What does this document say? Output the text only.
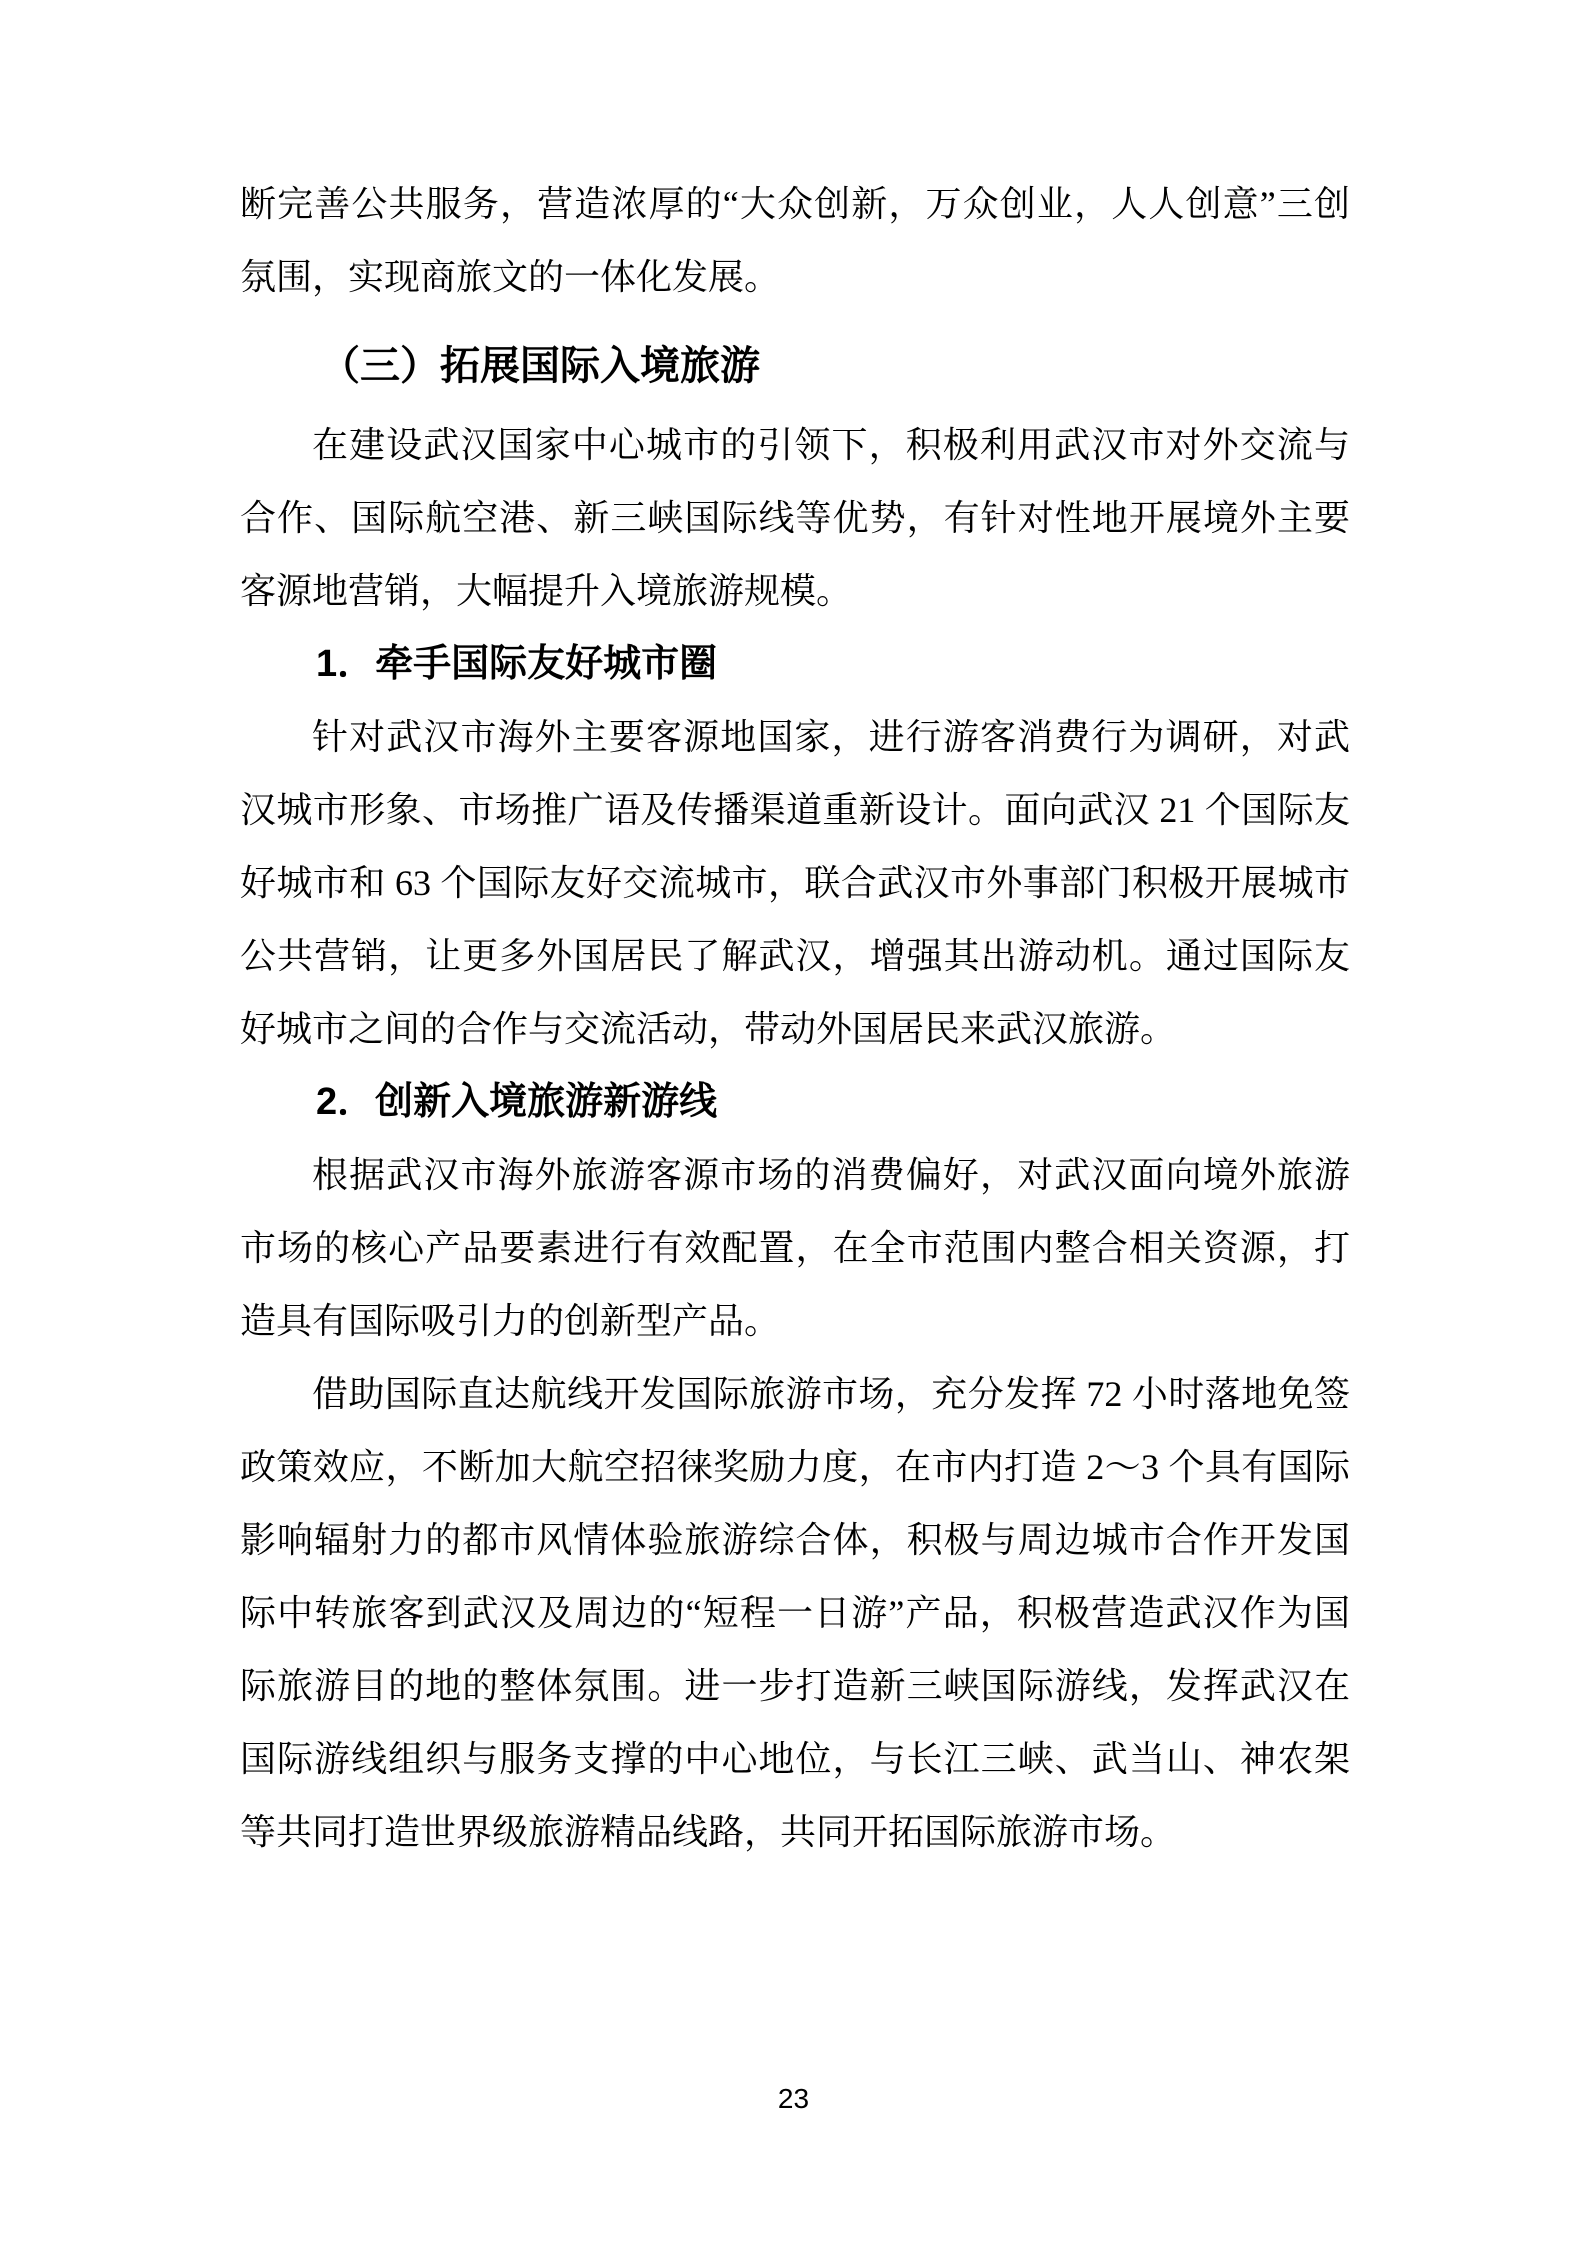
断完善公共服务，营造浓厚的“大众创新，万众创业，人人创意”三创氛围，实现商旅文的一体化发展。

（三）拓展国际入境旅游

在建设武汉国家中心城市的引领下，积极利用武汉市对外交流与合作、国际航空港、新三峡国际线等优势，有针对性地开展境外主要客源地营销，大幅提升入境旅游规模。

1．牵手国际友好城市圈

针对武汉市海外主要客源地国家，进行游客消费行为调研，对武汉城市形象、市场推广语及传播渠道重新设计。面向武汉 21 个国际友好城市和 63 个国际友好交流城市，联合武汉市外事部门积极开展城市公共营销，让更多外国居民了解武汉，增强其出游动机。通过国际友好城市之间的合作与交流活动，带动外国居民来武汉旅游。

2．创新入境旅游新游线

根据武汉市海外旅游客源市场的消费偏好，对武汉面向境外旅游市场的核心产品要素进行有效配置，在全市范围内整合相关资源，打造具有国际吸引力的创新型产品。

借助国际直达航线开发国际旅游市场，充分发挥 72 小时落地免签政策效应，不断加大航空招徕奖励力度，在市内打造 2～3 个具有国际影响辐射力的都市风情体验旅游综合体，积极与周边城市合作开发国际中转旅客到武汉及周边的“短程一日游”产品，积极营造武汉作为国际旅游目的地的整体氛围。进一步打造新三峡国际游线，发挥武汉在国际游线组织与服务支撑的中心地位，与长江三峡、武当山、神农架等共同打造世界级旅游精品线路，共同开拓国际旅游市场。

23
